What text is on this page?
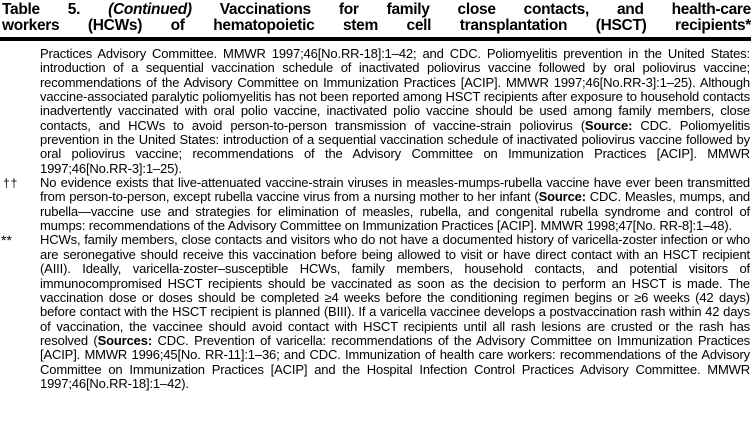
Table 5. (Continued) Vaccinations for family close contacts, and health-care
workers (HCWs) of hematopoietic stem cell transplantation (HSCT) recipients*
Practices Advisory Committee. MMWR 1997;46[No.RR-18]:1–42; and CDC. Poliomyelitis prevention in the United States: introduction of a sequential vaccination schedule of inactivated poliovirus vaccine followed by oral poliovirus vaccine; recommendations of the Advisory Committee on Immunization Practices [ACIP]. MMWR 1997;46[No.RR-3]:1–25). Although vaccine-associated paralytic poliomyelitis has not been reported among HSCT recipients after exposure to household contacts inadvertently vaccinated with oral polio vaccine, inactivated polio vaccine should be used among family members, close contacts, and HCWs to avoid person-to-person transmission of vaccine-strain poliovirus (Source: CDC. Poliomyelitis prevention in the United States: introduction of a sequential vaccination schedule of inactivated poliovirus vaccine followed by oral poliovirus vaccine; recommendations of the Advisory Committee on Immunization Practices [ACIP]. MMWR 1997;46[No.RR-3]:1–25).
††	No evidence exists that live-attenuated vaccine-strain viruses in measles-mumps-rubella vaccine have ever been transmitted from person-to-person, except rubella vaccine virus from a nursing mother to her infant (Source: CDC. Measles, mumps, and rubella—vaccine use and strategies for elimination of measles, rubella, and congenital rubella syndrome and control of mumps: recommendations of the Advisory Committee on Immunization Practices [ACIP]. MMWR 1998;47[No. RR-8]:1–48).
**	HCWs, family members, close contacts and visitors who do not have a documented history of varicella-zoster infection or who are seronegative should receive this vaccination before being allowed to visit or have direct contact with an HSCT recipient (AIII). Ideally, varicella-zoster–susceptible HCWs, family members, household contacts, and potential visitors of immunocompromised HSCT recipients should be vaccinated as soon as the decision to perform an HSCT is made. The vaccination dose or doses should be completed ≥4 weeks before the conditioning regimen begins or ≥6 weeks (42 days) before contact with the HSCT recipient is planned (BIII). If a varicella vaccinee develops a postvaccination rash within 42 days of vaccination, the vaccinee should avoid contact with HSCT recipients until all rash lesions are crusted or the rash has resolved (Sources: CDC. Prevention of varicella: recommendations of the Advisory Committee on Immunization Practices [ACIP]. MMWR 1996;45[No. RR-11]:1–36; and CDC. Immunization of health care workers: recommendations of the Advisory Committee on Immunization Practices [ACIP] and the Hospital Infection Control Practices Advisory Committee. MMWR 1997;46[No.RR-18]:1–42).
